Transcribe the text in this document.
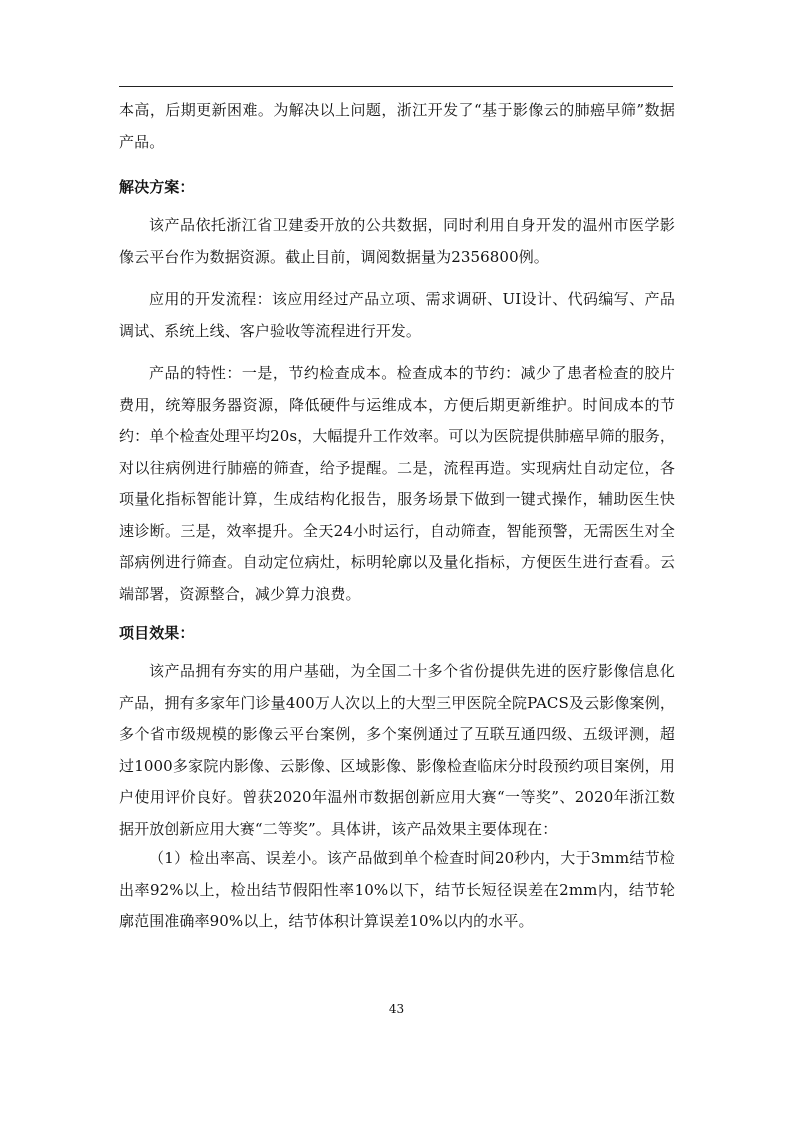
本高，后期更新困难。为解决以上问题，浙江开发了“基于影像云的肺癌早筛”数据产品。

解决方案：

该产品依托浙江省卫建委开放的公共数据，同时利用自身开发的温州市医学影像云平台作为数据资源。截止目前，调阅数据量为2356800例。

应用的开发流程：该应用经过产品立项、需求调研、UI设计、代码编写、产品调试、系统上线、客户验收等流程进行开发。

产品的特性：一是，节约检查成本。检查成本的节约：减少了患者检查的胶片费用，统筹服务器资源，降低硬件与运维成本，方便后期更新维护。时间成本的节约：单个检查处理平均20s，大幅提升工作效率。可以为医院提供肺癌早筛的服务，对以往病例进行肺癌的筛查，给予提醒。二是，流程再造。实现病灶自动定位，各项量化指标智能计算，生成结构化报告，服务场景下做到一键式操作，辅助医生快速诊断。三是，效率提升。全天24小时运行，自动筛查，智能预警，无需医生对全部病例进行筛查。自动定位病灶，标明轮廓以及量化指标，方便医生进行查看。云端部署，资源整合，减少算力浪费。

项目效果：

该产品拥有夯实的用户基础，为全国二十多个省份提供先进的医疗影像信息化产品，拥有多家年门诊量400万人次以上的大型三甲医院全院PACS及云影像案例，多个省市级规模的影像云平台案例，多个案例通过了互联互通四级、五级评测，超过1000多家院内影像、云影像、区域影像、影像检查临床分时段预约项目案例，用户使用评价良好。曾获2020年温州市数据创新应用大赛“一等奖”、2020年浙江数据开放创新应用大赛“二等奖”。具体讲，该产品效果主要体现在：

（1）检出率高、误差小。该产品做到单个检查时间20秒内，大于3mm结节检出率92%以上，检出结节假阳性率10%以下，结节长短径误差在2mm内，结节轮廓范围准确率90%以上，结节体积计算误差10%以内的水平。

43
